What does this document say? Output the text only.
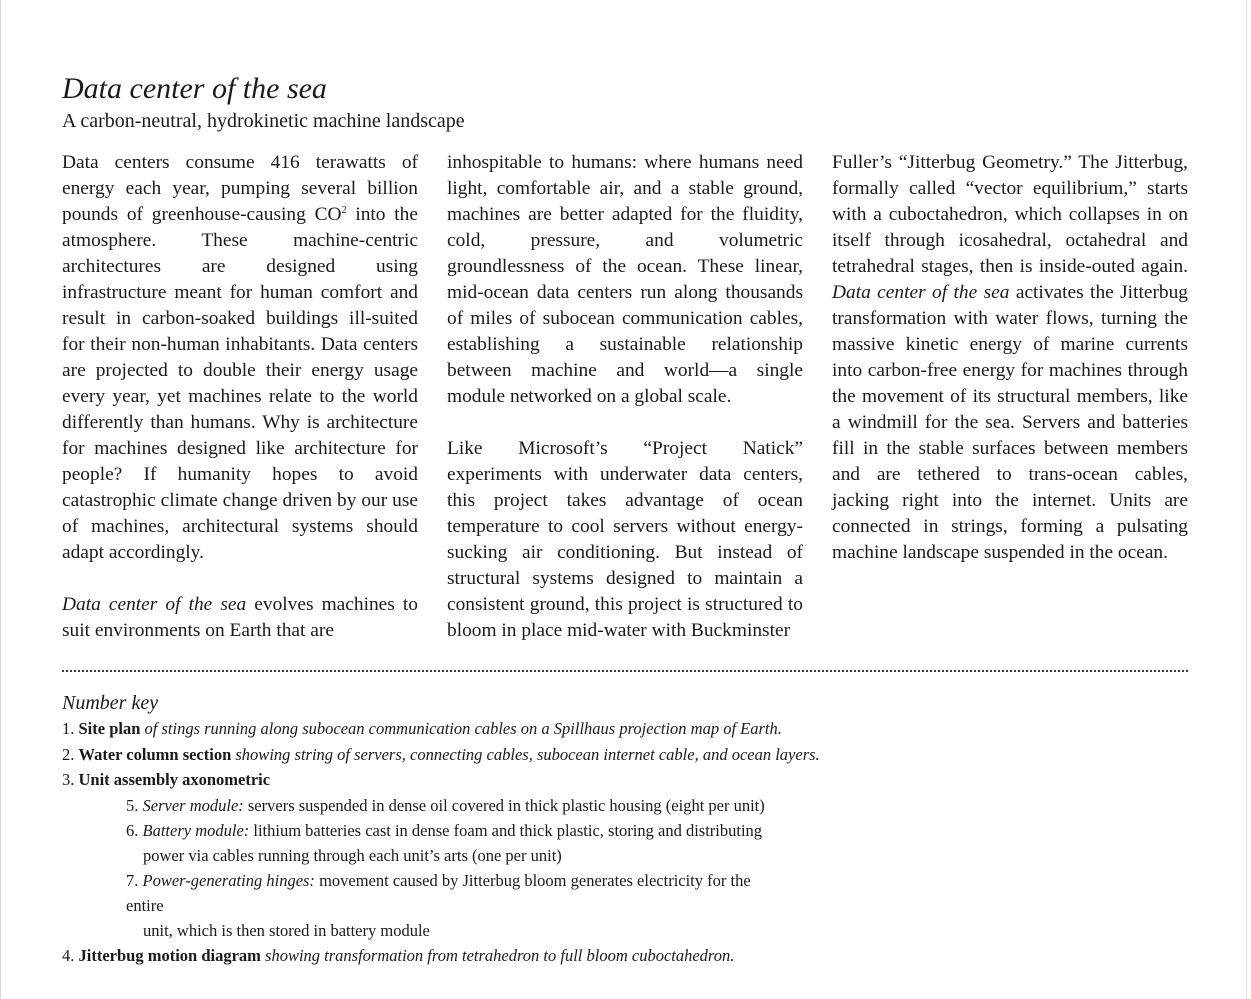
Data center of the sea

A carbon-neutral, hydrokinetic machine landscape

Data centers consume 416 terawatts of energy each year, pumping several billion pounds of greenhouse-causing $CO^2$ into the atmosphere. These machine-centric architectures are designed using infrastructure meant for human comfort and result in carbon-soaked buildings ill-suited for their non-human inhabitants. Data centers are projected to double their energy usage every year, yet machines relate to the world differently than humans. Why is architecture for machines designed like architecture for people? If humanity hopes to avoid catastrophic climate change driven by our use of machines, architectural systems should adapt accordingly.

Data center of the sea evolves machines to suit environments on Earth that are

inhospitable to humans: where humans need light, comfortable air, and a stable ground, machines are better adapted for the fluidity, cold, pressure, and volumetric groundlessness of the ocean. These linear, mid-ocean data centers run along thousands of miles of subocean communication cables, establishing a sustainable relationship between machine and world—a single module networked on a global scale.

Like Microsoft’s “Project Natick” experiments with underwater data centers, this project takes advantage of ocean temperature to cool servers without energy-sucking air conditioning. But instead of structural systems designed to maintain a consistent ground, this project is structured to bloom in place mid-water with Buckminster

Fuller’s “Jitterbug Geometry.” The Jitterbug, formally called “vector equilibrium,” starts with a cuboctahedron, which collapses in on itself through icosahedral, octahedral and tetrahedral stages, then is inside-outed again. Data center of the sea activates the Jitterbug transformation with water flows, turning the massive kinetic energy of marine currents into carbon-free energy for machines through the movement of its structural members, like a windmill for the sea. Servers and batteries fill in the stable surfaces between members and are tethered to trans-ocean cables, jacking right into the internet. Units are connected in strings, forming a pulsating machine landscape suspended in the ocean.

Number key

1. Site plan of stings running along subocean communication cables on a Spillhaus projection map of Earth.

2. Water column section showing string of servers, connecting cables, subocean internet cable, and ocean layers.

3. Unit assembly axonometric

5. Server module: servers suspended in dense oil covered in thick plastic housing (eight per unit)

6. Battery module: lithium batteries cast in dense foam and thick plastic, storing and distributing
power via cables running through each unit’s arts (one per unit)

7. Power-generating hinges: movement caused by Jitterbug bloom generates electricity for the entire
unit, which is then stored in battery module

4. Jitterbug motion diagram showing transformation from tetrahedron to full bloom cuboctahedron.
